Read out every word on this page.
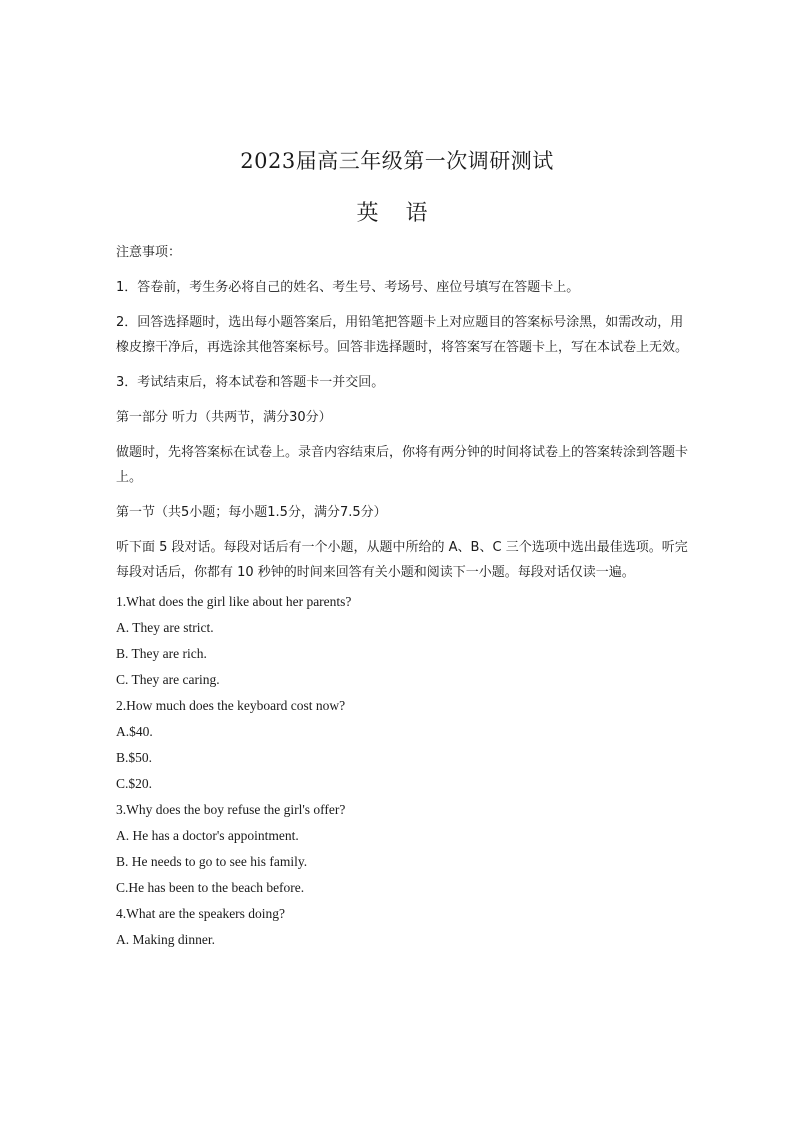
2023届高三年级第一次调研测试
英 语

注意事项：

1．答卷前，考生务必将自己的姓名、考生号、考场号、座位号填写在答题卡上。

2．回答选择题时，选出每小题答案后，用铅笔把答题卡上对应题目的答案标号涂黑，如需改动，用橡皮擦干净后，再选涂其他答案标号。回答非选择题时，将答案写在答题卡上，写在本试卷上无效。

3．考试结束后，将本试卷和答题卡一并交回。

第一部分 听力（共两节，满分30分）

做题时，先将答案标在试卷上。录音内容结束后，你将有两分钟的时间将试卷上的答案转涂到答题卡上。

第一节（共5小题；每小题1.5分，满分7.5分）

听下面 5 段对话。每段对话后有一个小题，从题中所给的 A、B、C 三个选项中选出最佳选项。听完每段对话后，你都有 10 秒钟的时间来回答有关小题和阅读下一小题。每段对话仅读一遍。

1.What does the girl like about her parents?

A. They are strict.

B. They are rich.

C. They are caring.

2.How much does the keyboard cost now?

A.$40.

B.$50.

C.$20.

3.Why does the boy refuse the girl's offer?

A. He has a doctor's appointment.

B. He needs to go to see his family.

C.He has been to the beach before.

4.What are the speakers doing?

A. Making dinner.
